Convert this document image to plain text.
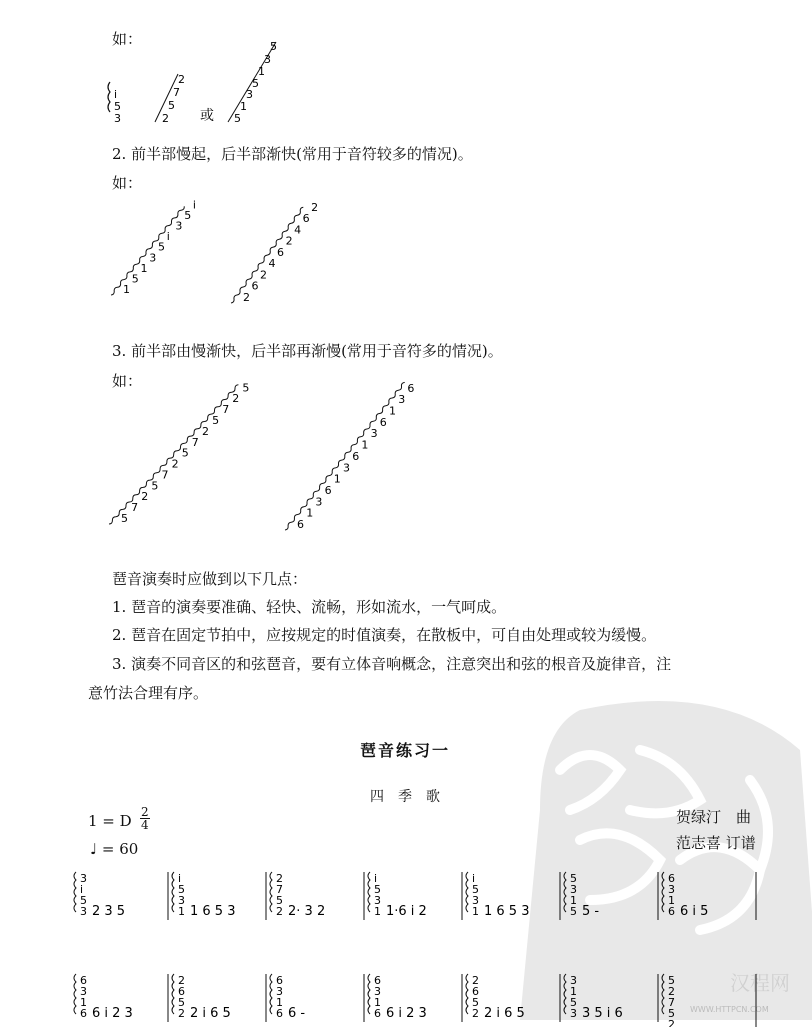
如：
i
5
3	2
5
7
2
或 5
1
3
5
1
3
5
2. 前半部慢起，后半部渐快(常用于音符较多的情况)。
如：
1
5
1
3
5
i
3
5
i
2
6
2
4
6
2
4
6
2
3. 前半部由慢渐快，后半部再渐慢(常用于音符多的情况)。
如：
5
7
2
5
7
2
5
7
2
5
7
2
5
6
1
3
6
1
3
6
1
3
6
1
3
6
琶音演奏时应做到以下几点：
1. 琶音的演奏要准确、轻快、流畅，形如流水，一气呵成。
2. 琶音在固定节拍中，应按规定的时值演奏，在散板中，可自由处理或较为缓慢。
3. 演奏不同音区的和弦琶音，要有立体音响概念，注意突出和弦的根音及旋律音，注
意竹法合理有序。
汉程网
WWW.HTTPCN.COM
琶音练习一
四季歌
1 = D 2
4
♩ = 60
贺绿汀　曲
范志喜 订谱
3
i
5
3 2 3 5
i
5
3
1 1 6 5 3
2
7
5
2 2· 3 2
i
5
3
1 1·6 i 2
i
5
3
1 1 6 5 3
5
3
1
5 5 -
6
3
1
6 6 i 5
6
3
1
6 6 i 2 3
2
6
5
2 2 i 6 5
6
3
1
6 6 -
6
3
1
6 6 i 2 3
2
6
5
2 2 i 6 5
3
1
5
3 3 5 i 6
5
2
7
5
2
